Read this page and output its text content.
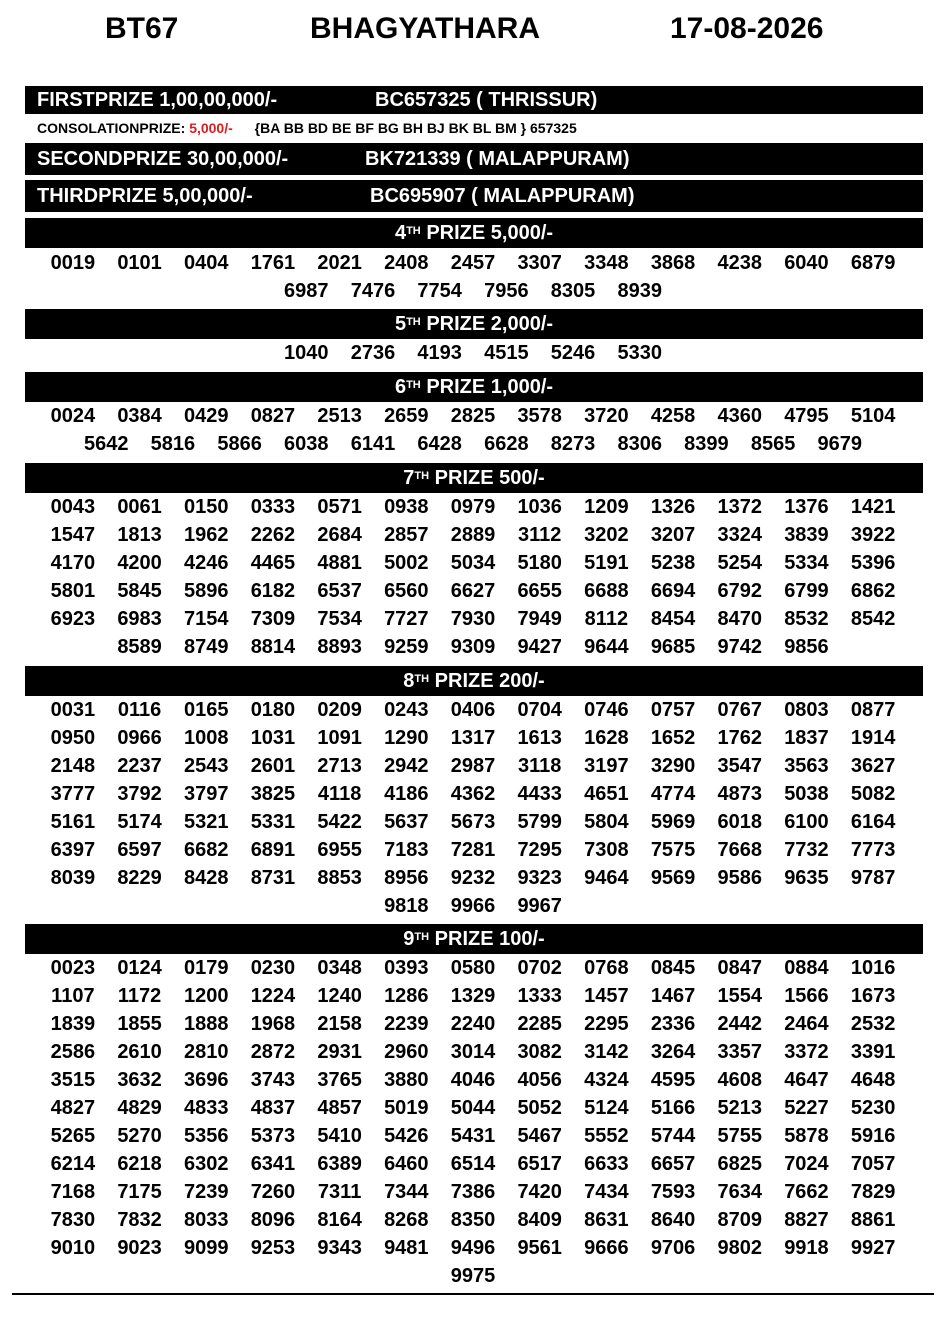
BT67	BHAGYATHARA	17-08-2026
FIRSTPRIZE 1,00,00,000/-	BC657325 ( THRISSUR)
CONSOLATIONPRIZE: 5,000/- {BA BB BD BE BF BG BH BJ BK BL BM } 657325
SECONDPRIZE 30,00,000/-	BK721339 ( MALAPPURAM)
THIRDPRIZE 5,00,000/-	BC695907 ( MALAPPURAM)
4TH PRIZE 5,000/-
0019	0101	0404	1761	2021	2408	2457	3307	3348	3868	4238	6040	6879
6987	7476	7754	7956	8305	8939
5TH PRIZE 2,000/-
1040	2736	4193	4515	5246	5330
6TH PRIZE 1,000/-
0024	0384	0429	0827	2513	2659	2825	3578	3720	4258	4360	4795	5104
5642	5816	5866	6038	6141	6428	6628	8273	8306	8399	8565	9679
7TH PRIZE 500/-
0043	0061	0150	0333	0571	0938	0979	1036	1209	1326	1372	1376	1421
1547	1813	1962	2262	2684	2857	2889	3112	3202	3207	3324	3839	3922
4170	4200	4246	4465	4881	5002	5034	5180	5191	5238	5254	5334	5396
5801	5845	5896	6182	6537	6560	6627	6655	6688	6694	6792	6799	6862
6923	6983	7154	7309	7534	7727	7930	7949	8112	8454	8470	8532	8542
8589	8749	8814	8893	9259	9309	9427	9644	9685	9742	9856
8TH PRIZE 200/-
0031	0116	0165	0180	0209	0243	0406	0704	0746	0757	0767	0803	0877
0950	0966	1008	1031	1091	1290	1317	1613	1628	1652	1762	1837	1914
2148	2237	2543	2601	2713	2942	2987	3118	3197	3290	3547	3563	3627
3777	3792	3797	3825	4118	4186	4362	4433	4651	4774	4873	5038	5082
5161	5174	5321	5331	5422	5637	5673	5799	5804	5969	6018	6100	6164
6397	6597	6682	6891	6955	7183	7281	7295	7308	7575	7668	7732	7773
8039	8229	8428	8731	8853	8956	9232	9323	9464	9569	9586	9635	9787
9818	9966	9967
9TH PRIZE 100/-
0023	0124	0179	0230	0348	0393	0580	0702	0768	0845	0847	0884	1016
1107	1172	1200	1224	1240	1286	1329	1333	1457	1467	1554	1566	1673
1839	1855	1888	1968	2158	2239	2240	2285	2295	2336	2442	2464	2532
2586	2610	2810	2872	2931	2960	3014	3082	3142	3264	3357	3372	3391
3515	3632	3696	3743	3765	3880	4046	4056	4324	4595	4608	4647	4648
4827	4829	4833	4837	4857	5019	5044	5052	5124	5166	5213	5227	5230
5265	5270	5356	5373	5410	5426	5431	5467	5552	5744	5755	5878	5916
6214	6218	6302	6341	6389	6460	6514	6517	6633	6657	6825	7024	7057
7168	7175	7239	7260	7311	7344	7386	7420	7434	7593	7634	7662	7829
7830	7832	8033	8096	8164	8268	8350	8409	8631	8640	8709	8827	8861
9010	9023	9099	9253	9343	9481	9496	9561	9666	9706	9802	9918	9927
9975
